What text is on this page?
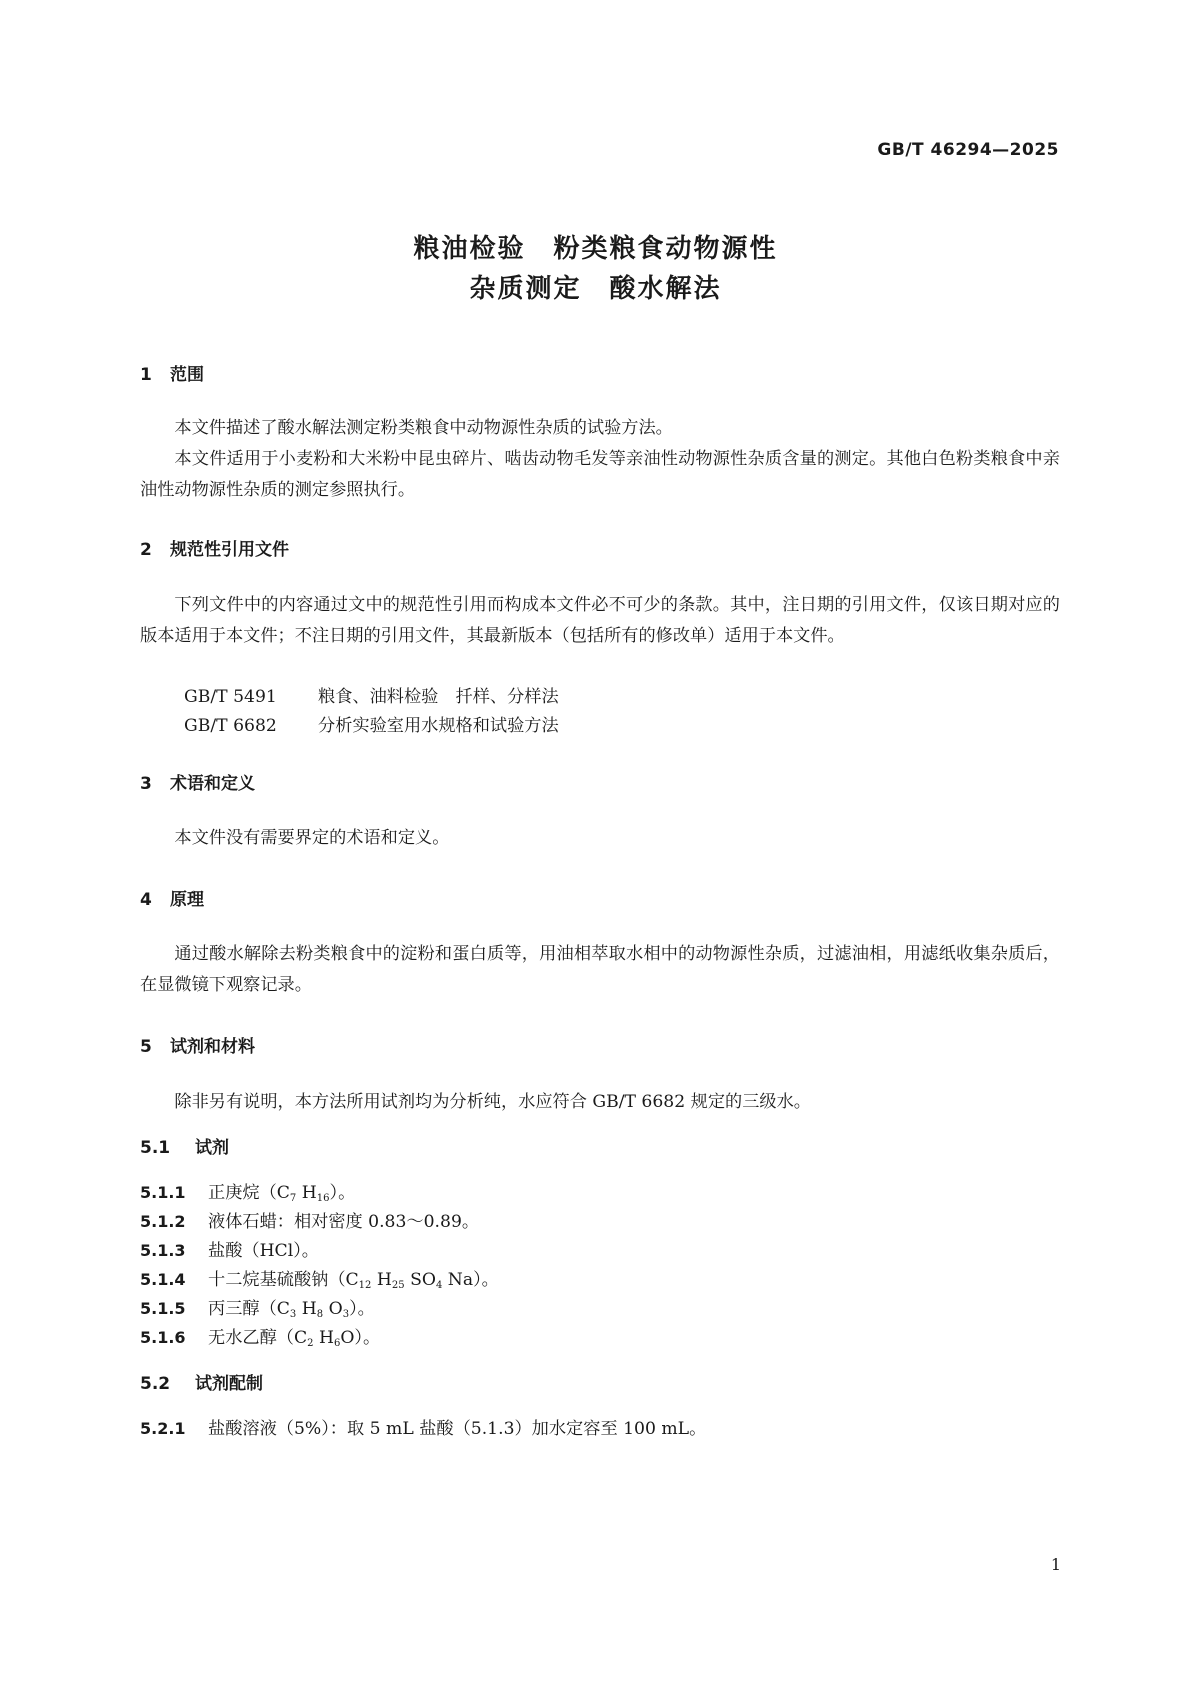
GB/T 46294—2025
粮油检验　粉类粮食动物源性
杂质测定　酸水解法
1 范围
本文件描述了酸水解法测定粉类粮食中动物源性杂质的试验方法。
本文件适用于小麦粉和大米粉中昆虫碎片、啮齿动物毛发等亲油性动物源性杂质含量的测定。其他白色粉类粮食中亲油性动物源性杂质的测定参照执行。
2 规范性引用文件
下列文件中的内容通过文中的规范性引用而构成本文件必不可少的条款。其中，注日期的引用文件，仅该日期对应的版本适用于本文件；不注日期的引用文件，其最新版本（包括所有的修改单）适用于本文件。
GB/T 5491 粮食、油料检验　扦样、分样法
GB/T 6682 分析实验室用水规格和试验方法
3 术语和定义
本文件没有需要界定的术语和定义。
4 原理
通过酸水解除去粉类粮食中的淀粉和蛋白质等，用油相萃取水相中的动物源性杂质，过滤油相，用滤纸收集杂质后，在显微镜下观察记录。
5 试剂和材料
除非另有说明，本方法所用试剂均为分析纯，水应符合 GB/T 6682 规定的三级水。
5.1 试剂
5.1.1 正庚烷（$C_7$ $H_{16}$）。
5.1.2 液体石蜡：相对密度 0.83～0.89。
5.1.3 盐酸（HCl）。
5.1.4 十二烷基硫酸钠（$C_{12}$ $H_{25}$ $SO_4$ Na）。
5.1.5 丙三醇（$C_3$ $H_8$ $O_3$）。
5.1.6 无水乙醇（$C_2$ $H_6O$）。
5.2 试剂配制
5.2.1 盐酸溶液（5%）：取 5 mL 盐酸（5.1.3）加水定容至 100 mL。
1
